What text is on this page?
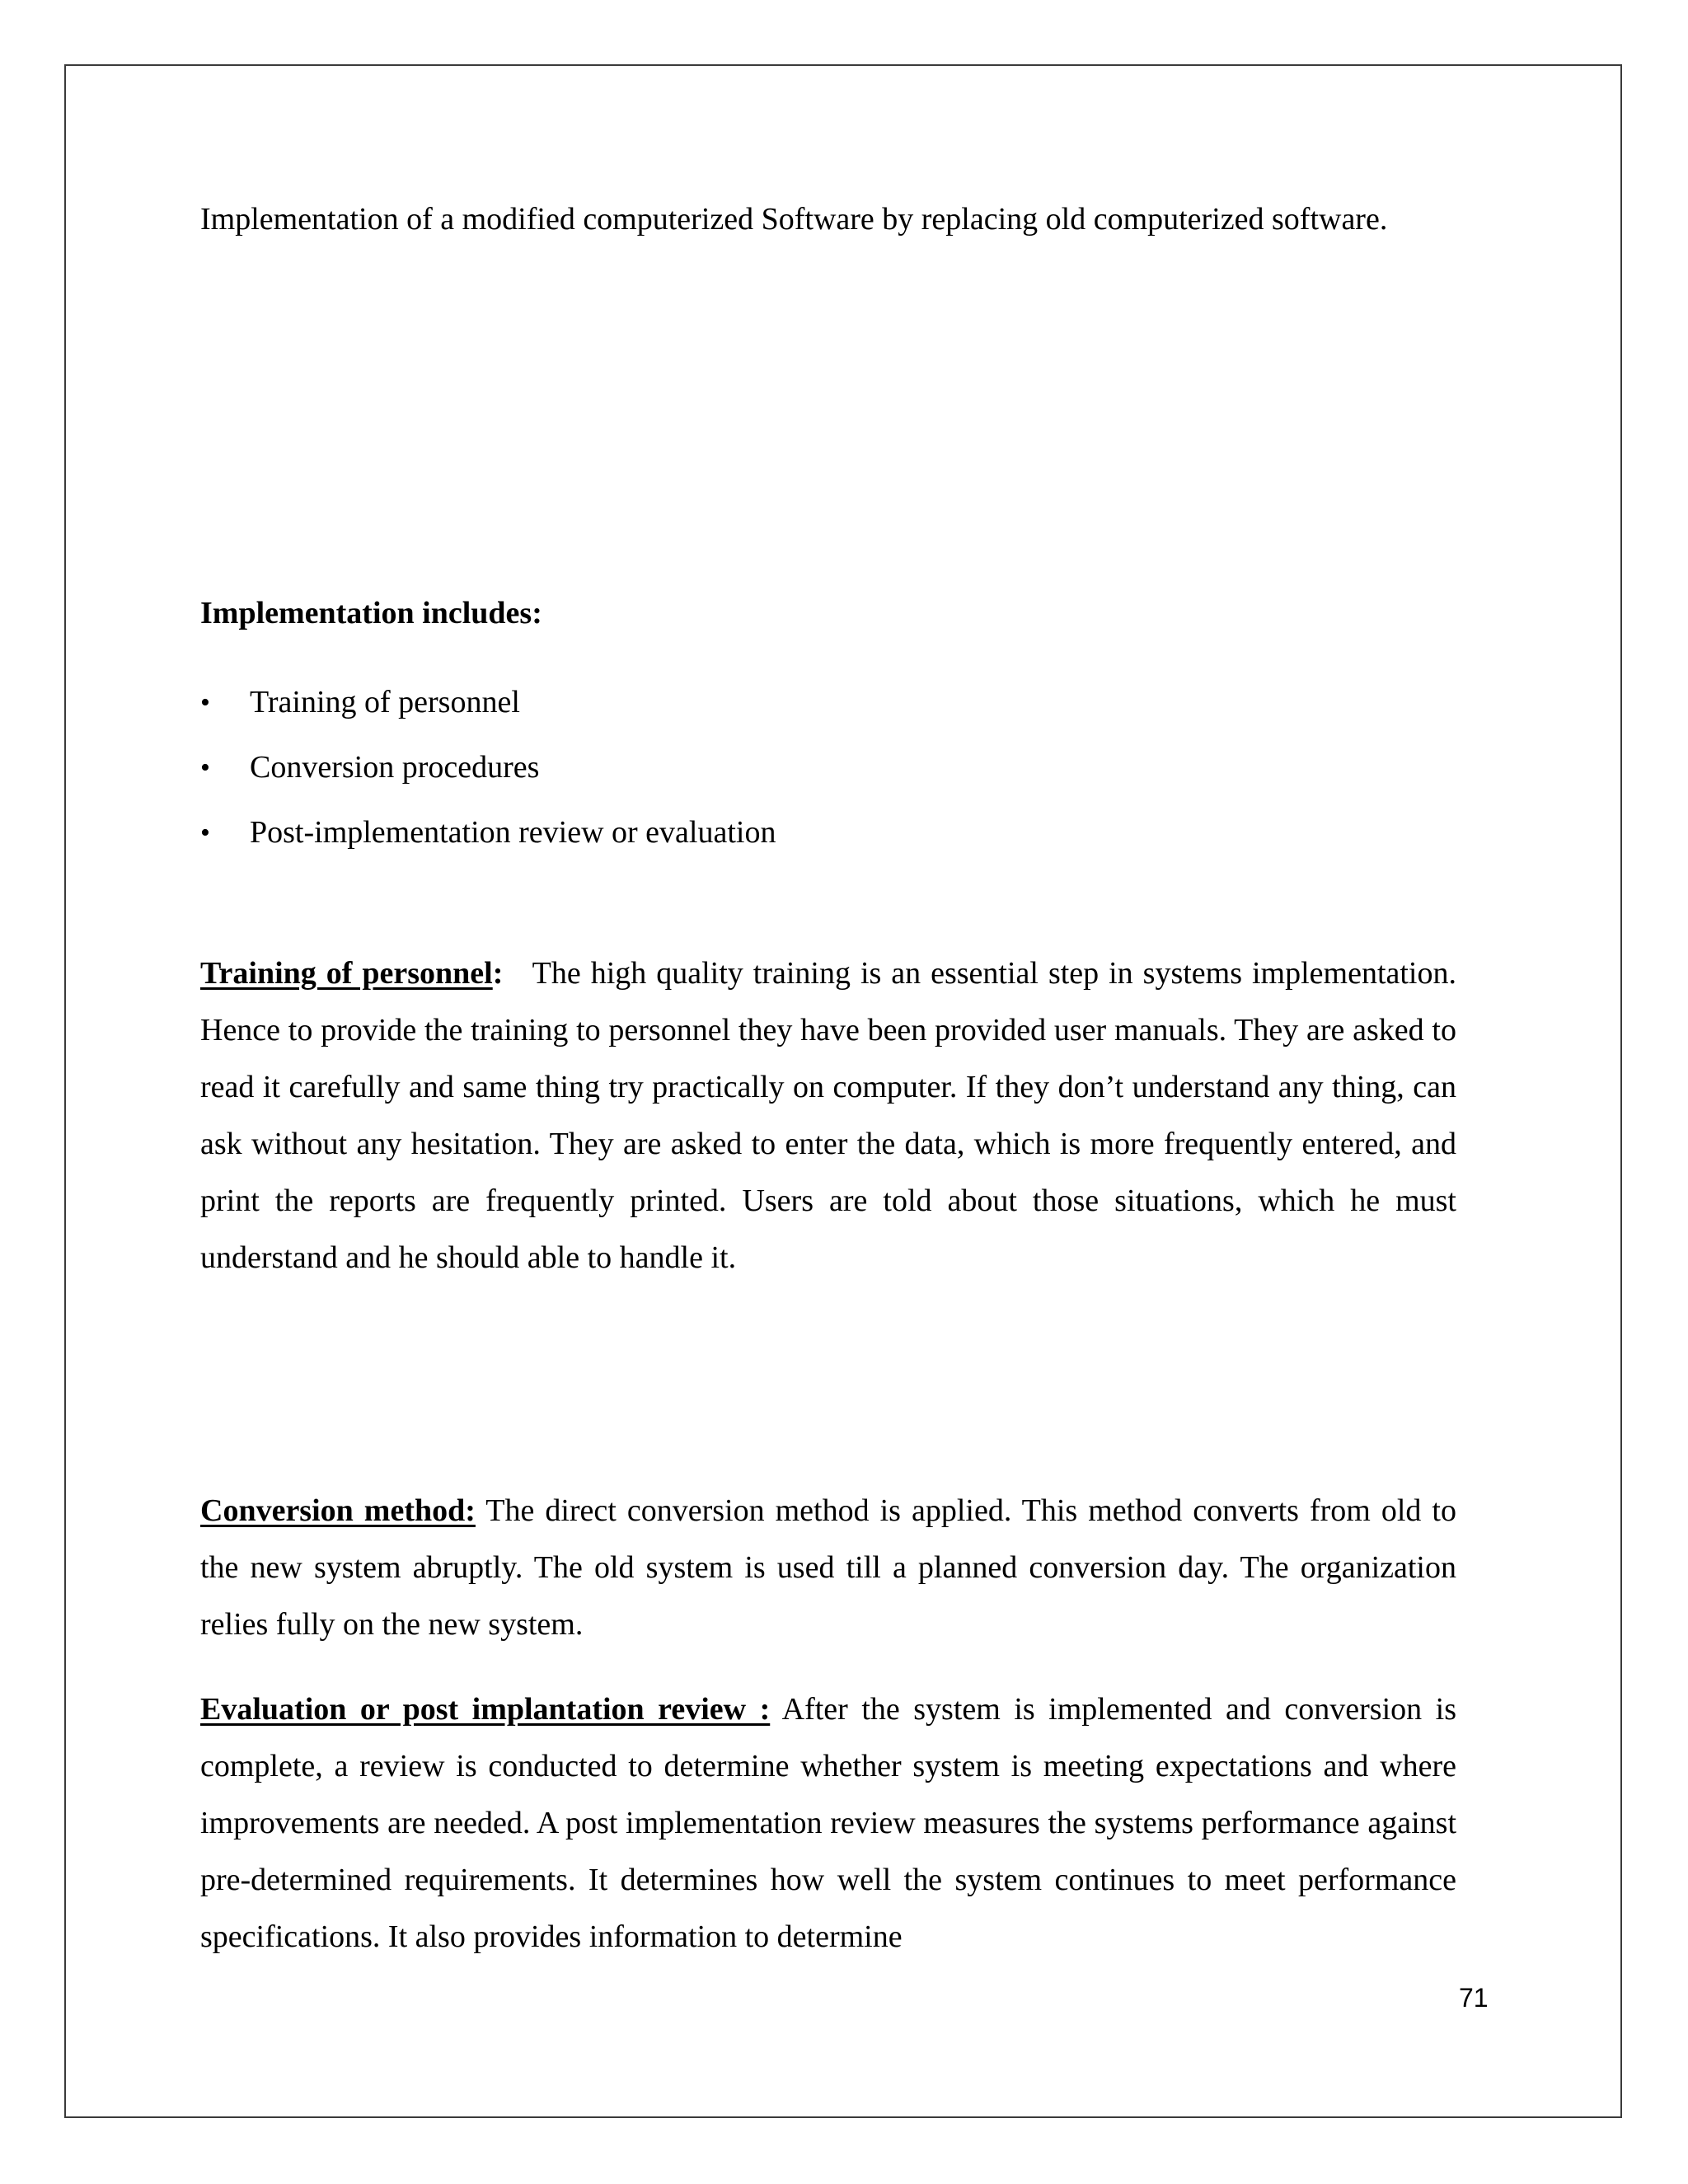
Implementation of a modified computerized Software by replacing old computerized software.

Implementation includes:

•	Training of personnel
•	Conversion procedures
•	Post-implementation review or evaluation

Training of personnel: The high quality training is an essential step in systems implementation. Hence to provide the training to personnel they have been provided user manuals. They are asked to read it carefully and same thing try practically on computer. If they don’t understand any thing, can ask without any hesitation. They are asked to enter the data, which is more frequently entered, and print the reports are frequently printed. Users are told about those situations, which he must understand and he should able to handle it.

Conversion method: The direct conversion method is applied. This method converts from old to the new system abruptly. The old system is used till a planned conversion day. The organization relies fully on the new system.

Evaluation or post implantation review : After the system is implemented and conversion is complete, a review is conducted to determine whether system is meeting expectations and where improvements are needed. A post implementation review measures the systems performance against pre-determined requirements. It determines how well the system continues to meet performance specifications. It also provides information to determine

71
